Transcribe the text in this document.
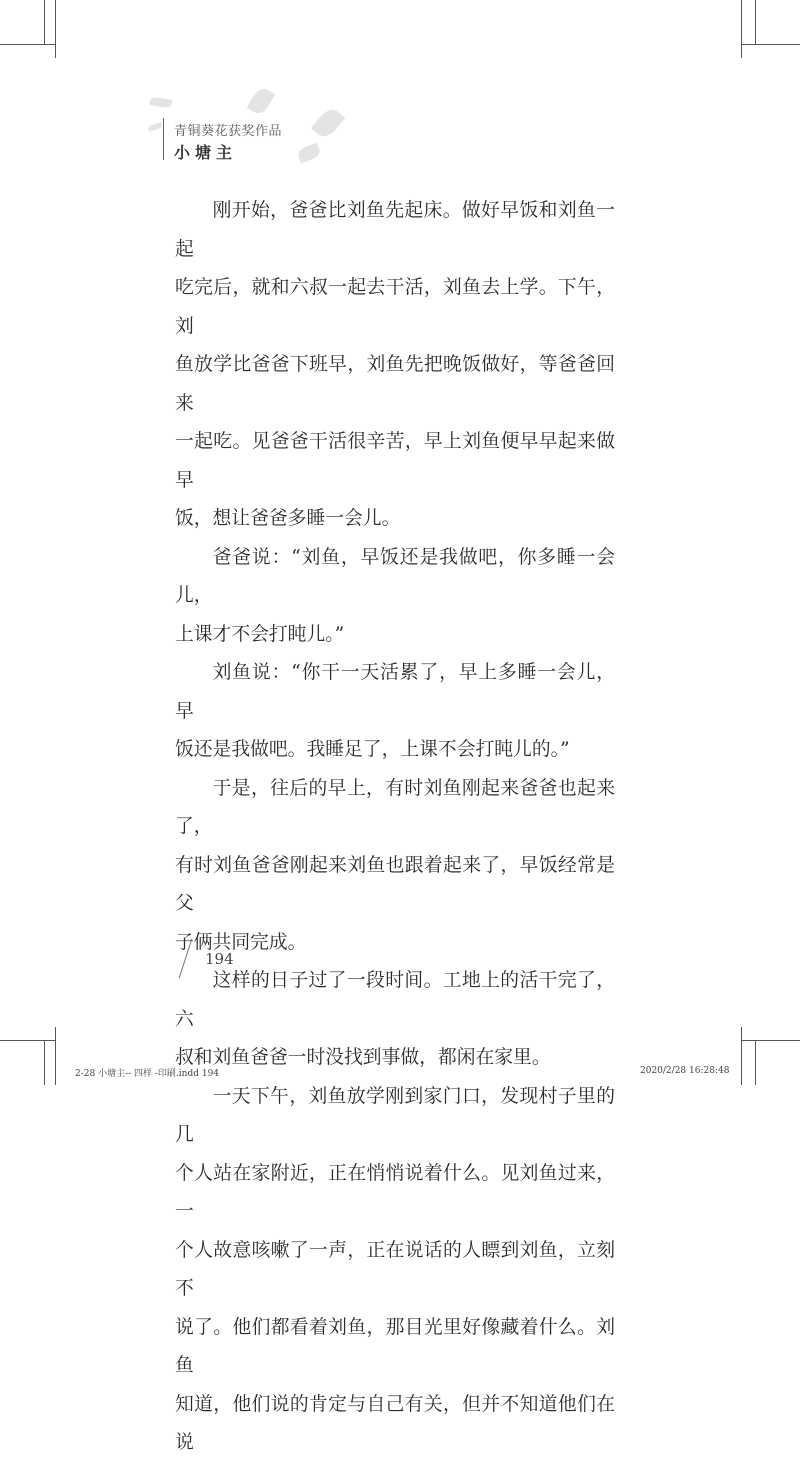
青铜葵花获奖作品
小塘主

刚开始，爸爸比刘鱼先起床。做好早饭和刘鱼一起
吃完后，就和六叔一起去干活，刘鱼去上学。下午，刘
鱼放学比爸爸下班早，刘鱼先把晚饭做好，等爸爸回来
一起吃。见爸爸干活很辛苦，早上刘鱼便早早起来做早
饭，想让爸爸多睡一会儿。

爸爸说：“刘鱼，早饭还是我做吧，你多睡一会儿，
上课才不会打盹儿。”

刘鱼说：“你干一天活累了，早上多睡一会儿，早
饭还是我做吧。我睡足了，上课不会打盹儿的。”

于是，往后的早上，有时刘鱼刚起来爸爸也起来了，
有时刘鱼爸爸刚起来刘鱼也跟着起来了，早饭经常是父
子俩共同完成。

这样的日子过了一段时间。工地上的活干完了，六
叔和刘鱼爸爸一时没找到事做，都闲在家里。

一天下午，刘鱼放学刚到家门口，发现村子里的几
个人站在家附近，正在悄悄说着什么。见刘鱼过来，一
个人故意咳嗽了一声，正在说话的人瞟到刘鱼，立刻不
说了。他们都看着刘鱼，那目光里好像藏着什么。刘鱼
知道，他们说的肯定与自己有关，但并不知道他们在说

194
2-28 小塘主-- 四样 -印刷.indd 194	2020/2/28 16:28:48
